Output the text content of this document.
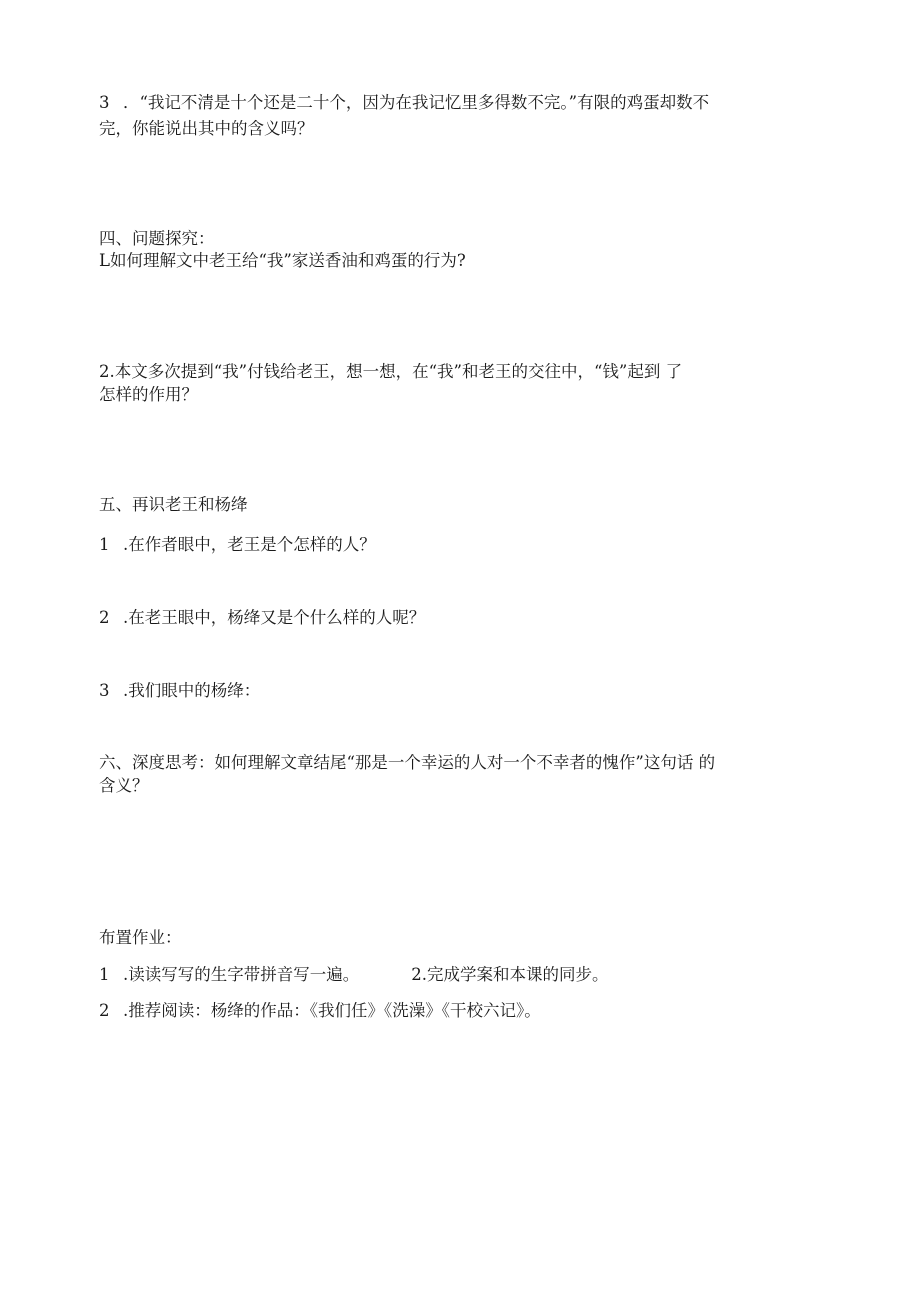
3 ．“我记不清是十个还是二十个，因为在我记忆里多得数不完。”有限的鸡蛋却数不
完，你能说出其中的含义吗？
四、问题探究：
L如何理解文中老王给“我”家送香油和鸡蛋的行为?
2.本文多次提到“我”付钱给老王，想一想，在“我”和老王的交往中，“钱”起到 了
怎样的作用？
五、再识老王和杨绛
1 .在作者眼中，老王是个怎样的人？
2 .在老王眼中，杨绛又是个什么样的人呢？
3 .我们眼中的杨绛：
六、深度思考：如何理解文章结尾“那是一个幸运的人对一个不幸者的愧作”这句话 的
含义？
布置作业：
1 .读读写写的生字带拼音写一遍。	2.完成学案和本课的同步。
2 .推荐阅读：杨绛的作品：《我们任》《洗澡》《干校六记》。
